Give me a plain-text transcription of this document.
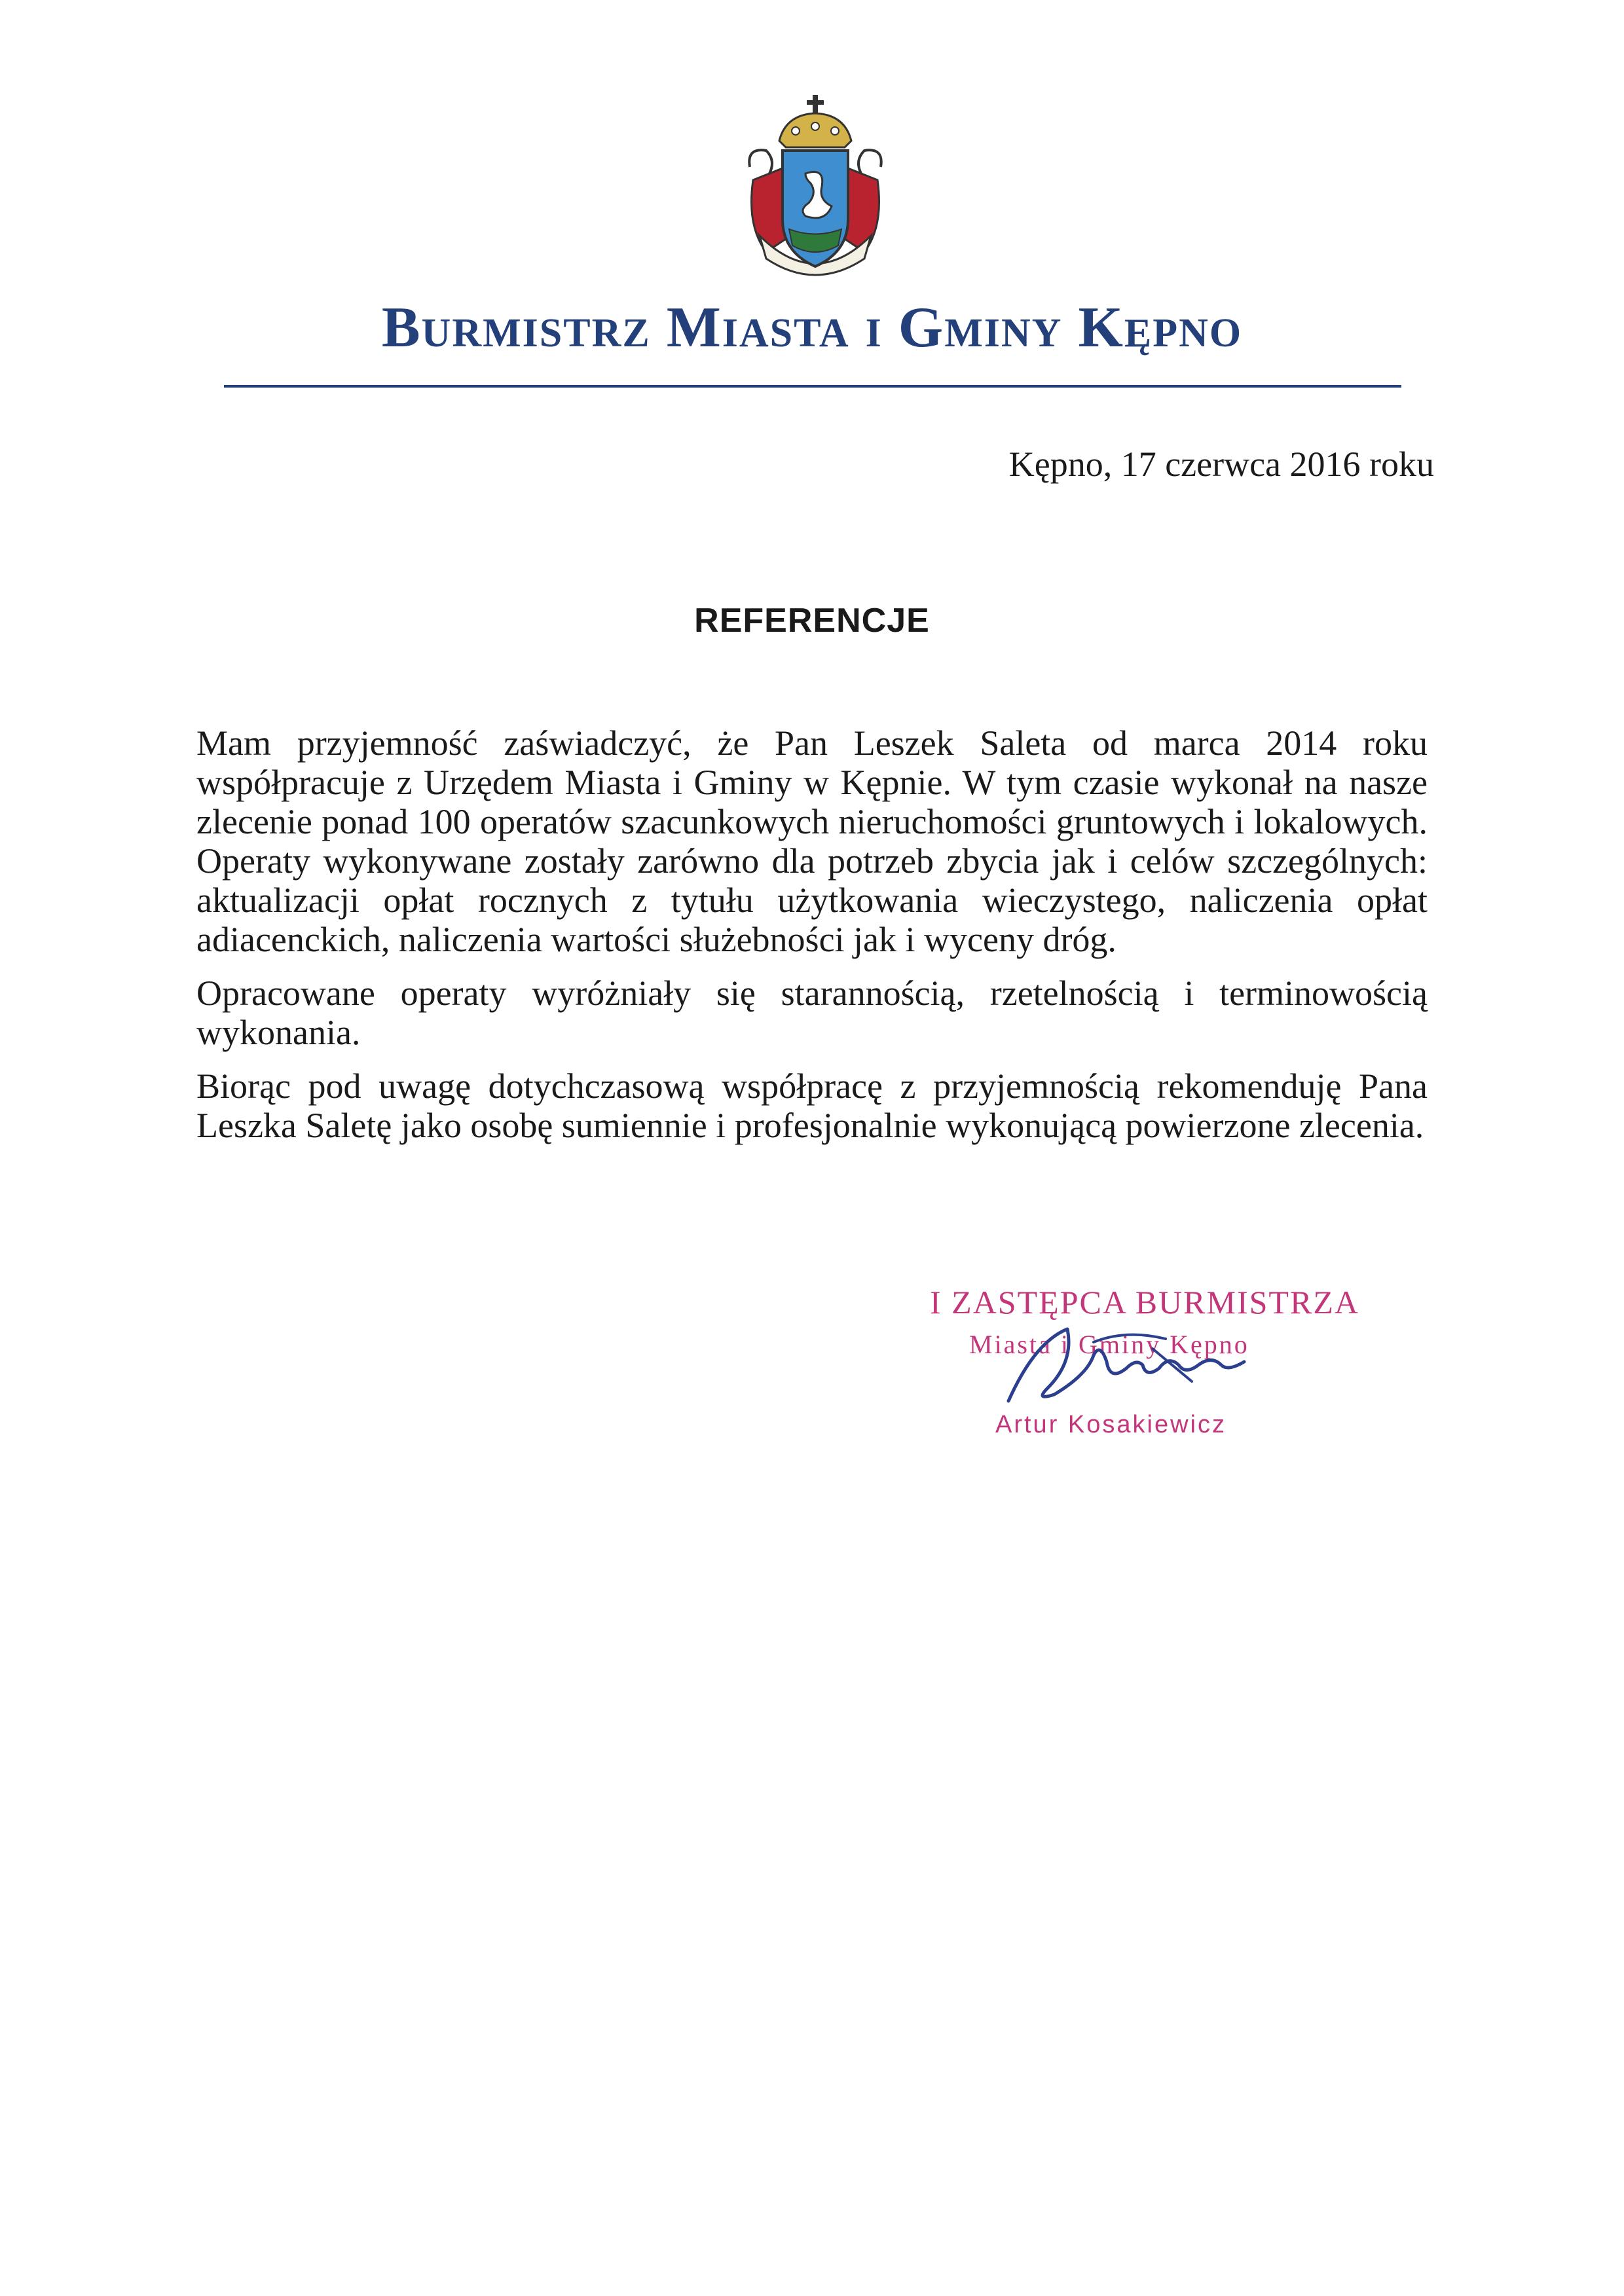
Burmistrz Miasta i Gminy Kępno
Kępno, 17 czerwca 2016 roku
REFERENCJE

Mam przyjemność zaświadczyć, że Pan Leszek Saleta od marca 2014 roku współpracuje z Urzędem Miasta i Gminy w Kępnie. W tym czasie wykonał na nasze zlecenie ponad 100 operatów szacunkowych nieruchomości gruntowych i lokalowych. Operaty wykonywane zostały zarówno dla potrzeb zbycia jak i celów szczególnych: aktualizacji opłat rocznych z tytułu użytkowania wieczystego, naliczenia opłat
adiacenckich, naliczenia wartości służebności jak i wyceny dróg.

Opracowane operaty wyróżniały się starannością, rzetelnością i terminowością
wykonania.

Biorąc pod uwagę dotychczasową współpracę z przyjemnością rekomenduję Pana
Leszka Saletę jako osobę sumiennie i profesjonalnie wykonującą powierzone zlecenia.

I ZASTĘPCA BURMISTRZA
Miasta i Gminy Kępno
Artur Kosakiewicz
